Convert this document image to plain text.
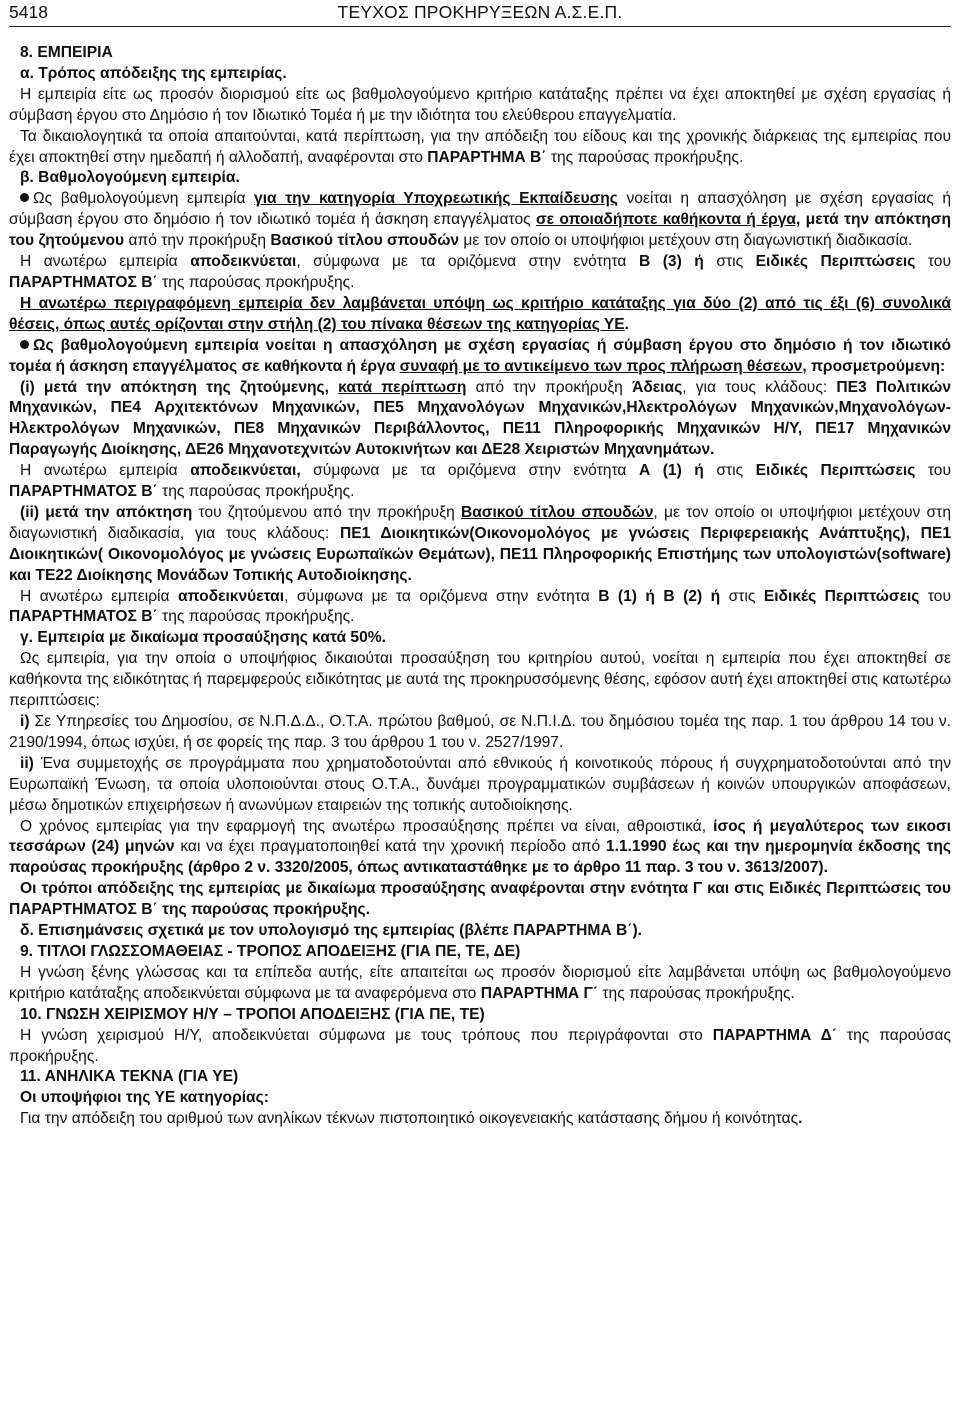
5418	ΤΕΥΧΟΣ ΠΡΟΚΗΡΥΞΕΩΝ Α.Σ.Ε.Π.

8. ΕΜΠΕΙΡΙΑ

α. Τρόπος απόδειξης της εμπειρίας.

Η εμπειρία είτε ως προσόν διορισμού είτε ως βαθμολογούμενο κριτήριο κατάταξης πρέπει να έχει αποκτηθεί με σχέση εργασίας ή σύμβαση έργου στο Δημόσιο ή τον Ιδιωτικό Τομέα ή με την ιδιότητα του ελεύθερου επαγγελματία.

Τα δικαιολογητικά τα οποία απαιτούνται, κατά περίπτωση, για την απόδειξη του είδους και της χρονικής διάρκειας της εμπειρίας που έχει αποκτηθεί στην ημεδαπή ή αλλοδαπή, αναφέρονται στο ΠΑΡΑΡΤΗΜΑ Β΄ της παρούσας προκήρυξης.

β. Βαθμολογούμενη εμπειρία.

Ως βαθμολογούμενη εμπειρία για την κατηγορία Υποχρεωτικής Εκπαίδευσης νοείται η απασχόληση με σχέση εργασίας ή σύμβαση έργου στο δημόσιο ή τον ιδιωτικό τομέα ή άσκηση επαγγέλματος σε οποιαδήποτε καθήκοντα ή έργα, μετά την απόκτηση του ζητούμενου από την προκήρυξη Βασικού τίτλου σπουδών με τον οποίο οι υποψήφιοι μετέχουν στη διαγωνιστική διαδικασία.

Η ανωτέρω εμπειρία αποδεικνύεται, σύμφωνα με τα οριζόμενα στην ενότητα Β (3) ή στις Ειδικές Περιπτώσεις του ΠΑΡΑΡΤΗΜΑΤΟΣ Β΄ της παρούσας προκήρυξης.

Η ανωτέρω περιγραφόμενη εμπειρία δεν λαμβάνεται υπόψη ως κριτήριο κατάταξης για δύο (2) από τις έξι (6) συνολικά θέσεις, όπως αυτές ορίζονται στην στήλη (2) του πίνακα θέσεων της κατηγορίας ΥΕ.

Ως βαθμολογούμενη εμπειρία νοείται η απασχόληση με σχέση εργασίας ή σύμβαση έργου στο δημόσιο ή τον ιδιωτικό τομέα ή άσκηση επαγγέλματος σε καθήκοντα ή έργα συναφή με το αντικείμενο των προς πλήρωση θέσεων, προσμετρούμενη:

(i) μετά την απόκτηση της ζητούμενης, κατά περίπτωση από την προκήρυξη Άδειας, για τους κλάδους: ΠΕ3 Πολιτικών Μηχανικών, ΠΕ4 Αρχιτεκτόνων Μηχανικών, ΠΕ5 Μηχανολόγων Μηχανικών,Ηλεκτρολόγων Μηχανικών,Μηχανολόγων-Ηλεκτρολόγων Μηχανικών, ΠΕ8 Μηχανικών Περιβάλλοντος, ΠΕ11 Πληροφορικής Μηχανικών Η/Υ, ΠΕ17 Μηχανικών Παραγωγής Διοίκησης, ΔΕ26 Μηχανοτεχνιτών Αυτοκινήτων και ΔΕ28 Χειριστών Μηχανημάτων.

Η ανωτέρω εμπειρία αποδεικνύεται, σύμφωνα με τα οριζόμενα στην ενότητα Α (1) ή στις Ειδικές Περιπτώσεις του ΠΑΡΑΡΤΗΜΑΤΟΣ Β΄ της παρούσας προκήρυξης.

(ii) μετά την απόκτηση του ζητούμενου από την προκήρυξη Βασικού τίτλου σπουδών, με τον οποίο οι υποψήφιοι μετέχουν στη διαγωνιστική διαδικασία, για τους κλάδους: ΠΕ1 Διοικητικών(Οικονομολόγος με γνώσεις Περιφερειακής Ανάπτυξης), ΠΕ1 Διοικητικών( Οικονομολόγος με γνώσεις Ευρωπαϊκών Θεμάτων), ΠΕ11 Πληροφορικής Επιστήμης των υπολογιστών(software) και ΤΕ22 Διοίκησης Μονάδων Τοπικής Αυτοδιοίκησης.

Η ανωτέρω εμπειρία αποδεικνύεται, σύμφωνα με τα οριζόμενα στην ενότητα Β (1) ή Β (2) ή στις Ειδικές Περιπτώσεις του ΠΑΡΑΡΤΗΜΑΤΟΣ Β΄ της παρούσας προκήρυξης.

γ. Εμπειρία με δικαίωμα προσαύξησης κατά 50%.

Ως εμπειρία, για την οποία ο υποψήφιος δικαιούται προσαύξηση του κριτηρίου αυτού, νοείται η εμπειρία που έχει αποκτηθεί σε καθήκοντα της ειδικότητας ή παρεμφερούς ειδικότητας με αυτά της προκηρυσσόμενης θέσης, εφόσον αυτή έχει αποκτηθεί στις κατωτέρω περιπτώσεις:

i) Σε Υπηρεσίες του Δημοσίου, σε Ν.Π.Δ.Δ., Ο.Τ.Α. πρώτου βαθμού, σε Ν.Π.Ι.Δ. του δημόσιου τομέα της παρ. 1 του άρθρου 14 του ν. 2190/1994, όπως ισχύει, ή σε φορείς της παρ. 3 του άρθρου 1 του ν. 2527/1997.

ii) Ένα συμμετοχής σε προγράμματα που χρηματοδοτούνται από εθνικούς ή κοινοτικούς πόρους ή συγχρηματοδοτούνται από την Ευρωπαϊκή Ένωση, τα οποία υλοποιούνται στους Ο.Τ.Α., δυνάμει προγραμματικών συμβάσεων ή κοινών υπουργικών αποφάσεων, μέσω δημοτικών επιχειρήσεων ή ανωνύμων εταιρειών της τοπικής αυτοδιοίκησης.

Ο χρόνος εμπειρίας για την εφαρμογή της ανωτέρω προσαύξησης πρέπει να είναι, αθροιστικά, ίσος ή μεγαλύτερος των εικοσι τεσσάρων (24) μηνών και να έχει πραγματοποιηθεί κατά την χρονική περίοδο από 1.1.1990 έως και την ημερομηνία έκδοσης της παρούσας προκήρυξης (άρθρο 2 ν. 3320/2005, όπως αντικαταστάθηκε με το άρθρο 11 παρ. 3 του ν. 3613/2007).

Οι τρόποι απόδειξης της εμπειρίας με δικαίωμα προσαύξησης αναφέρονται στην ενότητα Γ και στις Ειδικές Περιπτώσεις του ΠΑΡΑΡΤΗΜΑΤΟΣ Β΄ της παρούσας προκήρυξης.

δ. Επισημάνσεις σχετικά με τον υπολογισμό της εμπειρίας (βλέπε ΠΑΡΑΡΤΗΜΑ Β΄).

9. ΤΙΤΛΟΙ ΓΛΩΣΣΟΜΑΘΕΙΑΣ - ΤΡΟΠΟΣ ΑΠΟΔΕΙΞΗΣ (ΓΙΑ ΠΕ, ΤΕ, ΔΕ)

Η γνώση ξένης γλώσσας και τα επίπεδα αυτής, είτε απαιτείται ως προσόν διορισμού είτε λαμβάνεται υπόψη ως βαθμολογούμενο κριτήριο κατάταξης αποδεικνύεται σύμφωνα με τα αναφερόμενα στο ΠΑΡΑΡΤΗΜΑ Γ΄ της παρούσας προκήρυξης.

10. ΓΝΩΣΗ ΧΕΙΡΙΣΜΟΥ Η/Υ – ΤΡΟΠΟΙ ΑΠΟΔΕΙΞΗΣ (ΓΙΑ ΠΕ, ΤΕ)

Η γνώση χειρισμού Η/Υ, αποδεικνύεται σύμφωνα με τους τρόπους που περιγράφονται στο ΠΑΡΑΡΤΗΜΑ Δ΄ της παρούσας προκήρυξης.

11. ΑΝΗΛΙΚΑ ΤΕΚΝΑ (ΓΙΑ ΥΕ)

Οι υποψήφιοι της ΥΕ κατηγορίας:

Για την απόδειξη του αριθμού των ανηλίκων τέκνων πιστοποιητικό οικογενειακής κατάστασης δήμου ή κοινότητας.
